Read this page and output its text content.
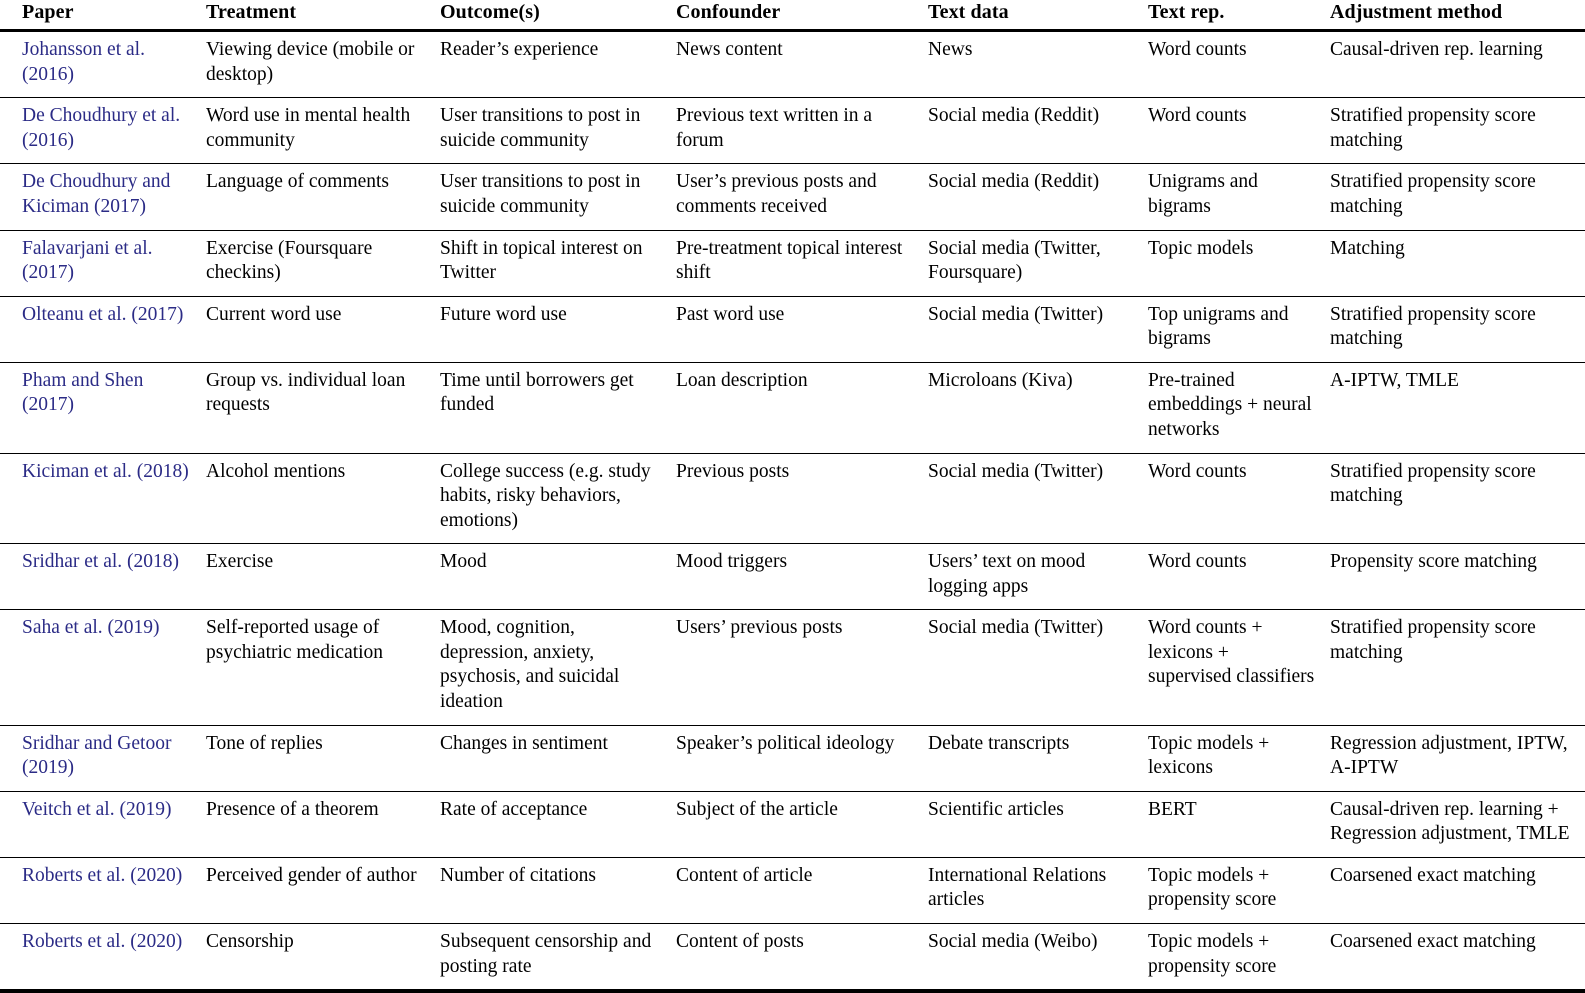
Paper	Treatment	Outcome(s)	Confounder	Text data	Text rep.	Adjustment method
Johansson et al. (2016)	Viewing device (mobile or desktop)	Reader’s experience	News content	News	Word counts	Causal-driven rep. learning
De Choudhury et al. (2016)	Word use in mental health community	User transitions to post in suicide community	Previous text written in a forum	Social media (Reddit)	Word counts	Stratified propensity score matching
De Choudhury and Kiciman (2017)	Language of comments	User transitions to post in suicide community	User’s previous posts and comments received	Social media (Reddit)	Unigrams and bigrams	Stratified propensity score matching
Falavarjani et al. (2017)	Exercise (Foursquare checkins)	Shift in topical interest on Twitter	Pre-treatment topical interest shift	Social media (Twitter, Foursquare)	Topic models	Matching
Olteanu et al. (2017)	Current word use	Future word use	Past word use	Social media (Twitter)	Top unigrams and bigrams	Stratified propensity score matching
Pham and Shen (2017)	Group vs. individual loan requests	Time until borrowers get funded	Loan description	Microloans (Kiva)	Pre-trained embeddings + neural networks	A-IPTW, TMLE
Kiciman et al. (2018)	Alcohol mentions	College success (e.g. study habits, risky behaviors, emotions)	Previous posts	Social media (Twitter)	Word counts	Stratified propensity score matching
Sridhar et al. (2018)	Exercise	Mood	Mood triggers	Users’ text on mood logging apps	Word counts	Propensity score matching
Saha et al. (2019)	Self-reported usage of psychiatric medication	Mood, cognition, depression, anxiety, psychosis, and suicidal ideation	Users’ previous posts	Social media (Twitter)	Word counts + lexicons + supervised classifiers	Stratified propensity score matching
Sridhar and Getoor (2019)	Tone of replies	Changes in sentiment	Speaker’s political ideology	Debate transcripts	Topic models + lexicons	Regression adjustment, IPTW, A-IPTW
Veitch et al. (2019)	Presence of a theorem	Rate of acceptance	Subject of the article	Scientific articles	BERT	Causal-driven rep. learning + Regression adjustment, TMLE
Roberts et al. (2020)	Perceived gender of author	Number of citations	Content of article	International Relations articles	Topic models + propensity score	Coarsened exact matching
Roberts et al. (2020)	Censorship	Subsequent censorship and posting rate	Content of posts	Social media (Weibo)	Topic models + propensity score	Coarsened exact matching
